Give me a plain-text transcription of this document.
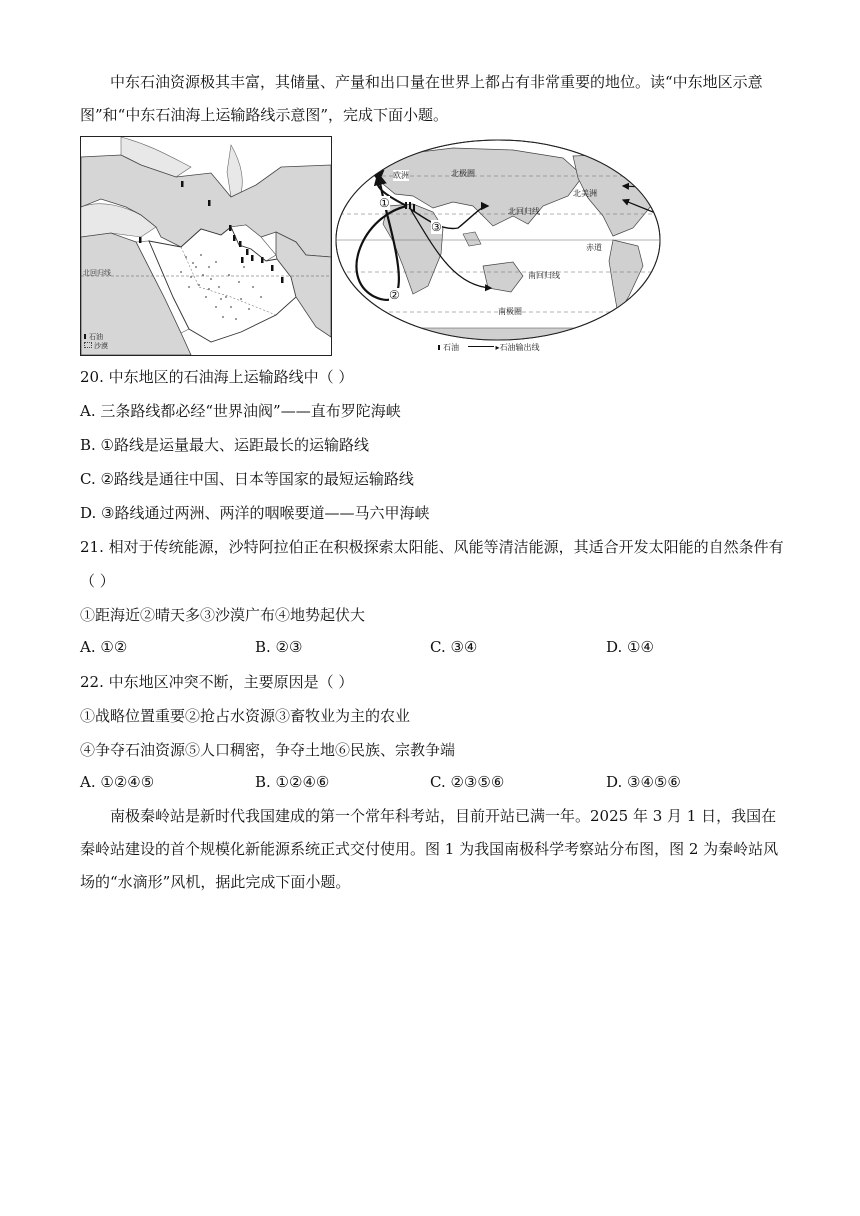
中东石油资源极其丰富，其储量、产量和出口量在世界上都占有非常重要的地位。读“中东地区示意图”和“中东石油海上运输路线示意图”，完成下面小题。

北回归线
石油
沙漠
欧洲	北极圈
北美洲
北回归线
赤道
南回归线
南极圈
①
②
③
石油	▸石油输出线
20. 中东地区的石油海上运输路线中（ ）
A. 三条路线都必经“世界油阀”——直布罗陀海峡
B. ①路线是运量最大、运距最长的运输路线
C. ②路线是通往中国、日本等国家的最短运输路线
D. ③路线通过两洲、两洋的咽喉要道——马六甲海峡
21. 相对于传统能源，沙特阿拉伯正在积极探索太阳能、风能等清洁能源，其适合开发太阳能的自然条件有
（ ）
①距海近②晴天多③沙漠广布④地势起伏大
A. ①②	B. ②③	C. ③④	D. ①④
22. 中东地区冲突不断，主要原因是（ ）
①战略位置重要②抢占水资源③畜牧业为主的农业
④争夺石油资源⑤人口稠密，争夺土地⑥民族、宗教争端
A. ①②④⑤	B. ①②④⑥	C. ②③⑤⑥	D. ③④⑤⑥

南极秦岭站是新时代我国建成的第一个常年科考站，目前开站已满一年。2025 年 3 月 1 日，我国在秦岭站建设的首个规模化新能源系统正式交付使用。图 1 为我国南极科学考察站分布图，图 2 为秦岭站风场的“水滴形”风机，据此完成下面小题。
